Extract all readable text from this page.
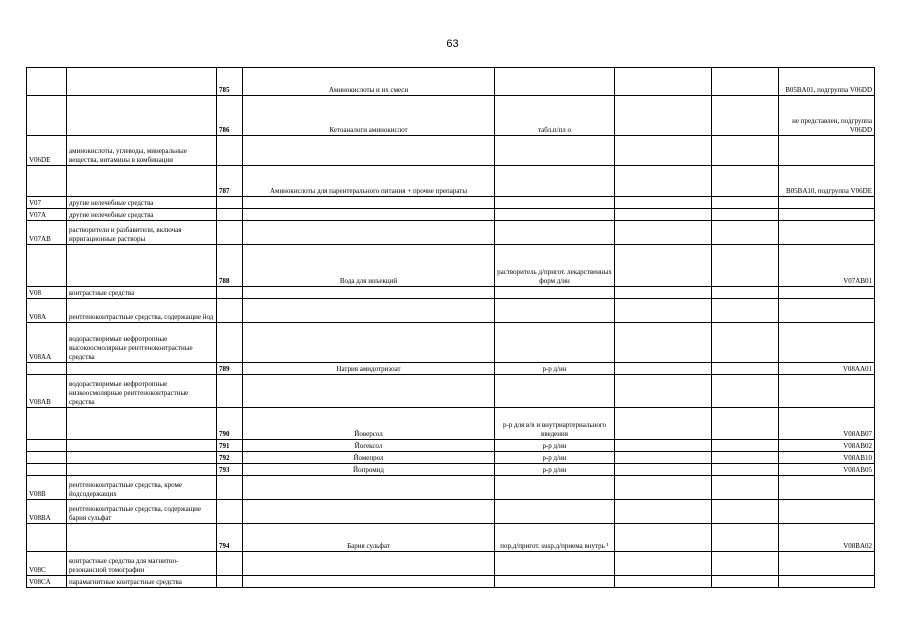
63
		785	Аминокислоты и их смеси				B05BA01, подгруппа V06DD
		786	Кетоаналоги аминокислот	табл.п/пл о			не представлен, подгруппа V06DD
V06DE	аминокислоты, углеводы, минеральные вещества, витамины в комбинации						
		787	Аминокислоты для парентерального питания + прочие препараты				B05BA10, подгруппа V06DE
V07	другие нелечебные средства						
V07A	другие нелечебные средства						
V07AB	растворители и разбавители, включая ирригационные растворы						
		788	Вода для инъекций	растворитель д/пригот. лекарственных форм д/ин			V07AB01
V08	контрастные средства						
V08A	рентгеноконтрастные средства, содержащие йод						
V08AA	водорастворимые нефротропные высокоосмолярные рентгеноконтрастные средства						
		789	Натрия амидотризоат	р-р д/ин			V08AA01
V08AB	водорастворимые нефротропные низкоосмолярные рентгеноконтрастные средства						
		790	Йоверсол	р-р для в/в и внутриартериального введения			V08AB07
		791	Йогексол	р-р д/ин			V08AB02
		792	Йомепрол	р-р д/ин			V08AB10
		793	Йопромид	р-р д/ин			V08AB05
V08B	рентгеноконтрастные средства, кроме йодсодержащих						
V08BA	рентгеноконтрастные средства, содержащие бария сульфат						
		794	Бария сульфат	пор.д/пригот. susp.д/приема внутрь ¹			V08BA02
V08C	контрастные средства для магнитно-резонансной томографии						
V08CA	парамагнитные контрастные средства						
